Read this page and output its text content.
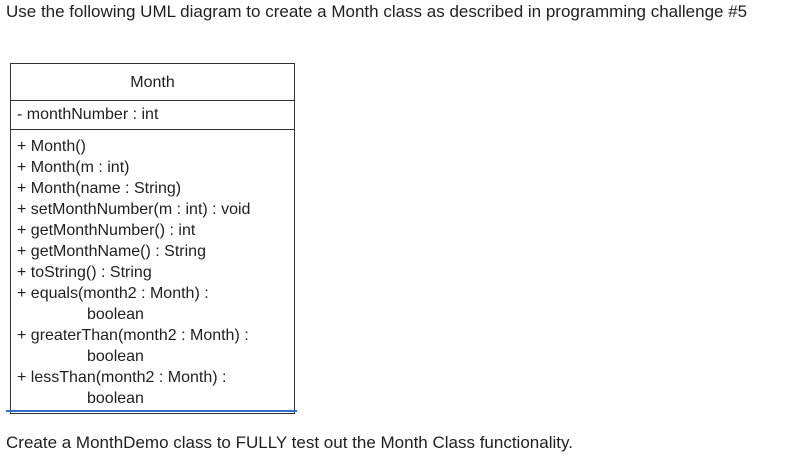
Use the following UML diagram to create a Month class as described in programming challenge #5

Month
- monthNumber : int
+ Month()
+ Month(m : int)
+ Month(name : String)
+ setMonthNumber(m : int) : void
+ getMonthNumber() : int
+ getMonthName() : String
+ toString() : String
+ equals(month2 : Month) :
boolean
+ greaterThan(month2 : Month) :
boolean
+ lessThan(month2 : Month) :
boolean

Create a MonthDemo class to FULLY test out the Month Class functionality.
